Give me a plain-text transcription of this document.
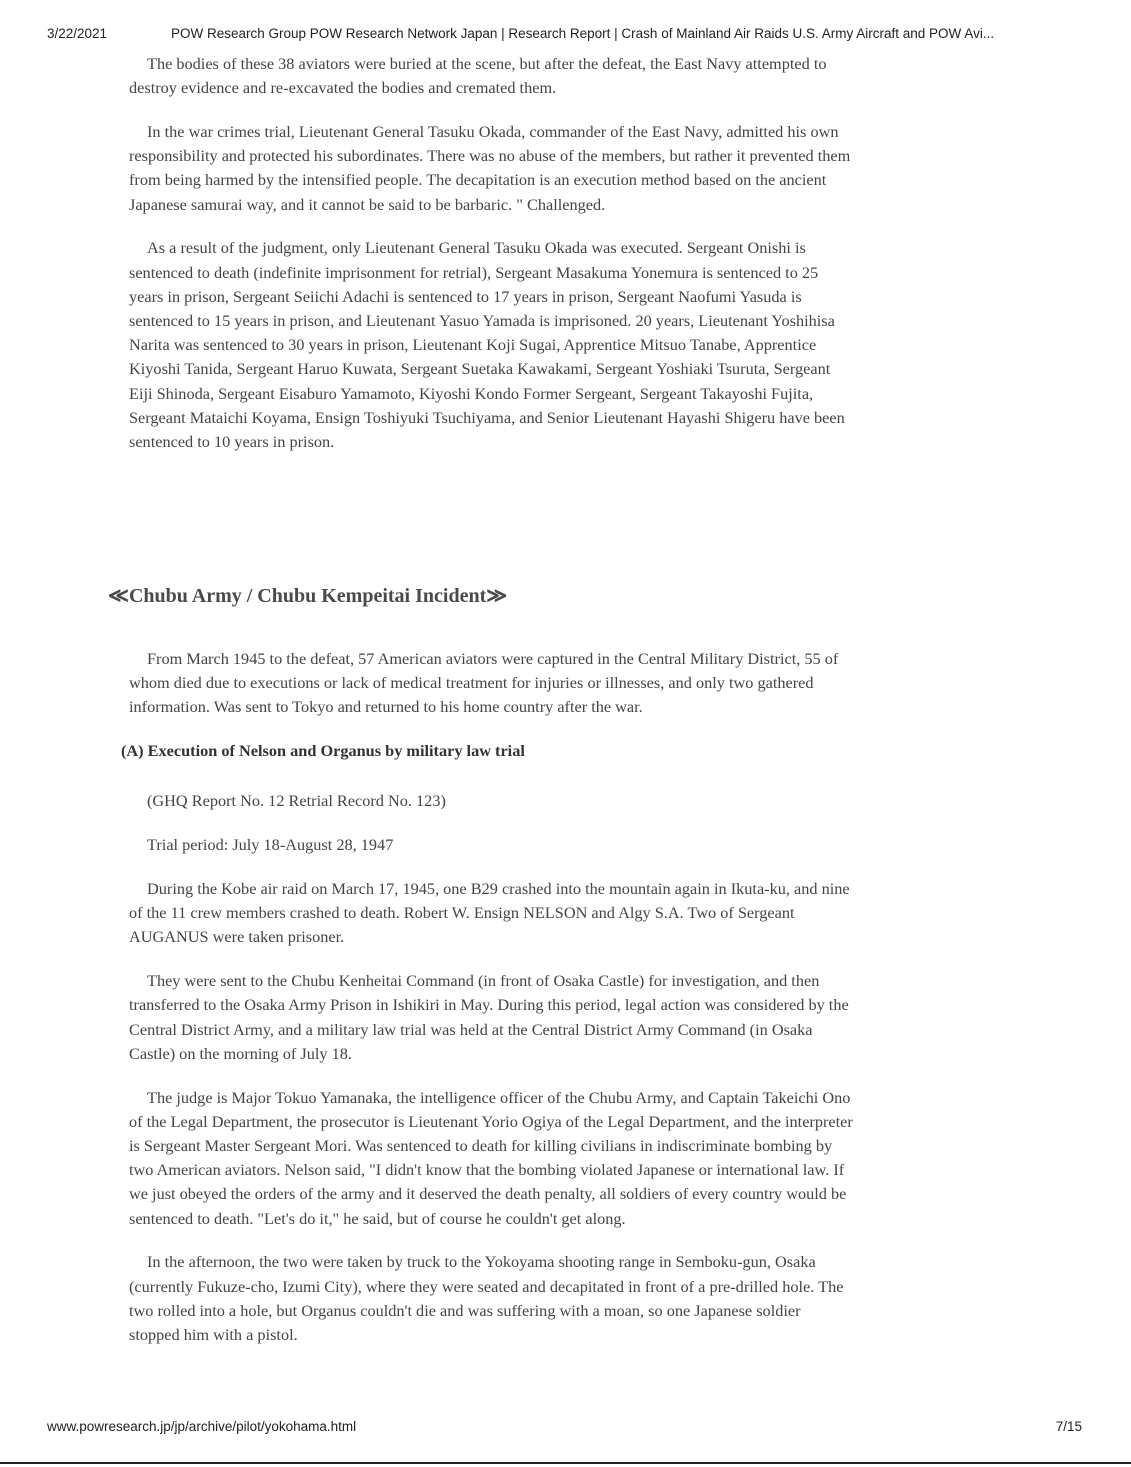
3/22/2021	POW Research Group POW Research Network Japan | Research Report | Crash of Mainland Air Raids U.S. Army Aircraft and POW Avi...

The bodies of these 38 aviators were buried at the scene, but after the defeat, the East Navy attempted to destroy evidence and re-excavated the bodies and cremated them.

In the war crimes trial, Lieutenant General Tasuku Okada, commander of the East Navy, admitted his own responsibility and protected his subordinates. There was no abuse of the members, but rather it prevented them from being harmed by the intensified people. The decapitation is an execution method based on the ancient Japanese samurai way, and it cannot be said to be barbaric. " Challenged.

As a result of the judgment, only Lieutenant General Tasuku Okada was executed. Sergeant Onishi is sentenced to death (indefinite imprisonment for retrial), Sergeant Masakuma Yonemura is sentenced to 25 years in prison, Sergeant Seiichi Adachi is sentenced to 17 years in prison, Sergeant Naofumi Yasuda is sentenced to 15 years in prison, and Lieutenant Yasuo Yamada is imprisoned. 20 years, Lieutenant Yoshihisa Narita was sentenced to 30 years in prison, Lieutenant Koji Sugai, Apprentice Mitsuo Tanabe, Apprentice Kiyoshi Tanida, Sergeant Haruo Kuwata, Sergeant Suetaka Kawakami, Sergeant Yoshiaki Tsuruta, Sergeant Eiji Shinoda, Sergeant Eisaburo Yamamoto, Kiyoshi Kondo Former Sergeant, Sergeant Takayoshi Fujita, Sergeant Mataichi Koyama, Ensign Toshiyuki Tsuchiyama, and Senior Lieutenant Hayashi Shigeru have been sentenced to 10 years in prison.

≪Chubu Army / Chubu Kempeitai Incident≫

From March 1945 to the defeat, 57 American aviators were captured in the Central Military District, 55 of whom died due to executions or lack of medical treatment for injuries or illnesses, and only two gathered information. Was sent to Tokyo and returned to his home country after the war.

(A) Execution of Nelson and Organus by military law trial

(GHQ Report No. 12 Retrial Record No. 123)

Trial period: July 18-August 28, 1947

During the Kobe air raid on March 17, 1945, one B29 crashed into the mountain again in Ikuta-ku, and nine of the 11 crew members crashed to death. Robert W. Ensign NELSON and Algy S.A. Two of Sergeant AUGANUS were taken prisoner.

They were sent to the Chubu Kenheitai Command (in front of Osaka Castle) for investigation, and then transferred to the Osaka Army Prison in Ishikiri in May. During this period, legal action was considered by the Central District Army, and a military law trial was held at the Central District Army Command (in Osaka Castle) on the morning of July 18.

The judge is Major Tokuo Yamanaka, the intelligence officer of the Chubu Army, and Captain Takeichi Ono of the Legal Department, the prosecutor is Lieutenant Yorio Ogiya of the Legal Department, and the interpreter is Sergeant Master Sergeant Mori. Was sentenced to death for killing civilians in indiscriminate bombing by two American aviators. Nelson said, "I didn't know that the bombing violated Japanese or international law. If we just obeyed the orders of the army and it deserved the death penalty, all soldiers of every country would be sentenced to death. "Let's do it," he said, but of course he couldn't get along.

In the afternoon, the two were taken by truck to the Yokoyama shooting range in Semboku-gun, Osaka (currently Fukuze-cho, Izumi City), where they were seated and decapitated in front of a pre-drilled hole. The two rolled into a hole, but Organus couldn't die and was suffering with a moan, so one Japanese soldier stopped him with a pistol.

www.powresearch.jp/jp/archive/pilot/yokohama.html	7/15
